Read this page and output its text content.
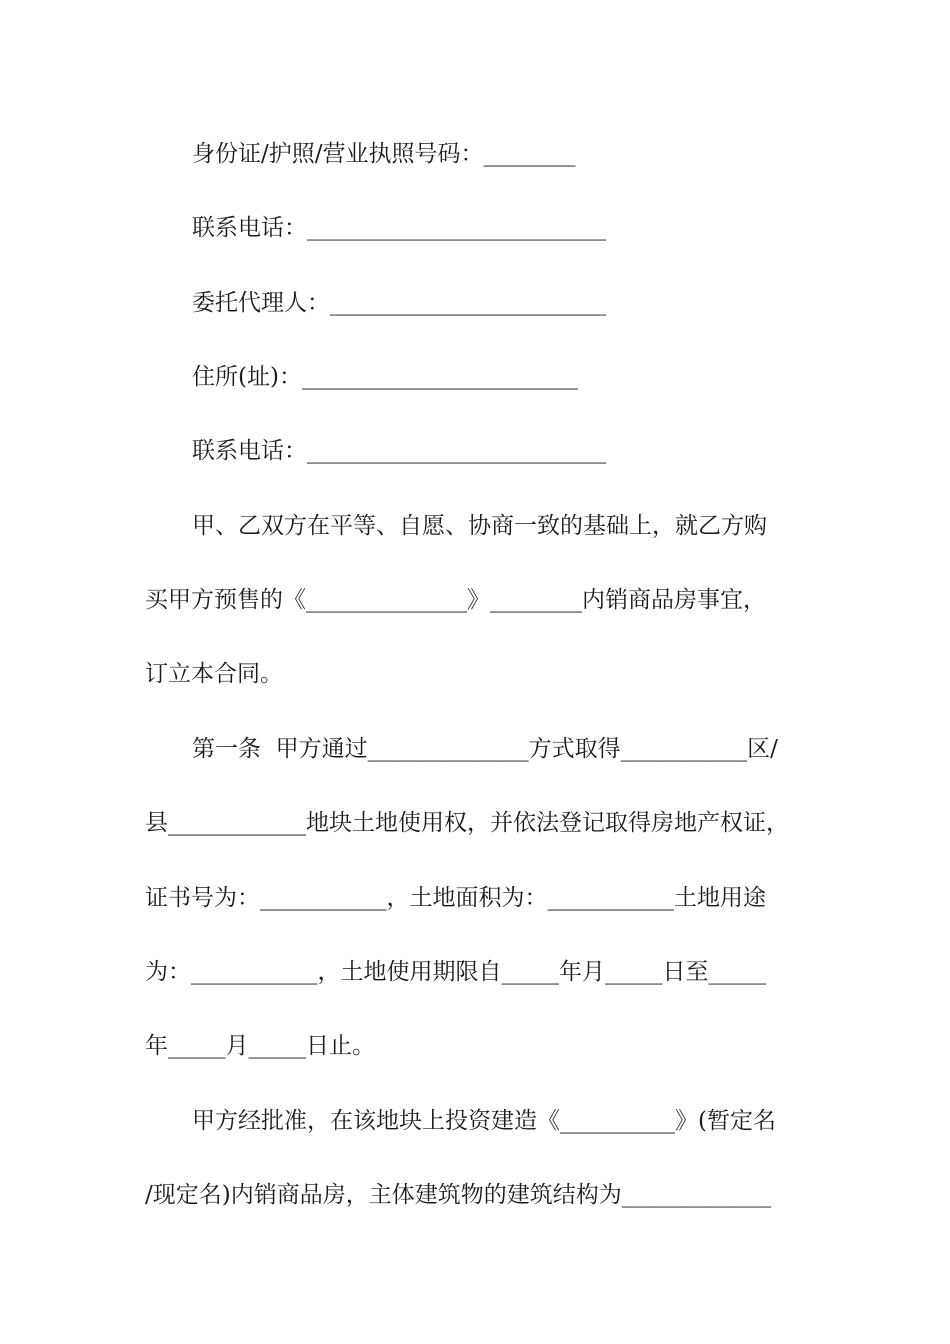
身份证/护照/营业执照号码：________

联系电话：__________________________

委托代理人：________________________

住所(址)：________________________

联系电话：__________________________

甲、乙双方在平等、自愿、协商一致的基础上，就乙方购

买甲方预售的《______________》________内销商品房事宜，

订立本合同。

第一条  甲方通过______________方式取得___________区/

县____________地块土地使用权，并依法登记取得房地产权证，

证书号为：___________，土地面积为：___________土地用途

为：___________，土地使用期限自_____年月_____日至_____

年_____月_____日止。

甲方经批准，在该地块上投资建造《__________》(暂定名

/现定名)内销商品房，主体建筑物的建筑结构为_____________
